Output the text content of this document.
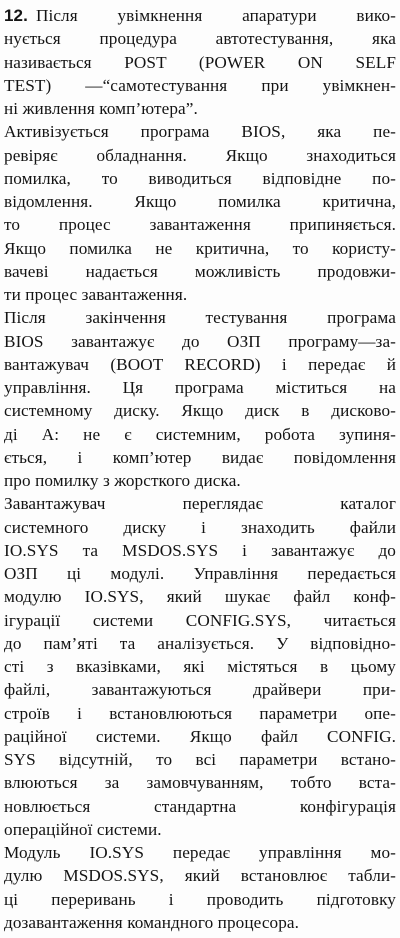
12. Після увімкнення апаратури вико-
нується процедура автотестування, яка
називається POST (POWER ON SELF
TEST) —“самотестування при увімкнен-
ні живлення комп’ютера”.
Активізується програма BIOS, яка пе-
ревіряє обладнання. Якщо знаходиться
помилка, то виводиться відповідне по-
відомлення. Якщо помилка критична,
то процес завантаження припиняється.
Якщо помилка не критична, то користу-
вачеві надається можливість продовжи-
ти процес завантаження.
Після закінчення тестування програма
BIOS завантажує до ОЗП програму—за-
вантажувач (BOOT RECORD) і передає й
управління. Ця програма міститься на
системному диску. Якщо диск в дисково-
ді А: не є системним, робота зупиня-
ється, і комп’ютер видає повідомлення
про помилку з жорсткого диска.
Завантажувач переглядає каталог
системного диску і знаходить файли
IO.SYS та MSDOS.SYS і завантажує до
ОЗП ці модулі. Управління передається
модулю IO.SYS, який шукає файл конф-
ігурації системи CONFIG.SYS, читається
до пам’яті та аналізується. У відповідно-
сті з вказівками, які містяться в цьому
файлі, завантажуються драйвери при-
строїв і встановлюються параметри опе-
раційної системи. Якщо файл CONFIG.
SYS відсутній, то всі параметри встано-
влюються за замовчуванням, тобто вста-
новлюється стандартна конфігурація
операційної системи.
Модуль IO.SYS передає управління мо-
дулю MSDOS.SYS, який встановлює табли-
ці переривань і проводить підготовку
дозавантаження командного процесора.
